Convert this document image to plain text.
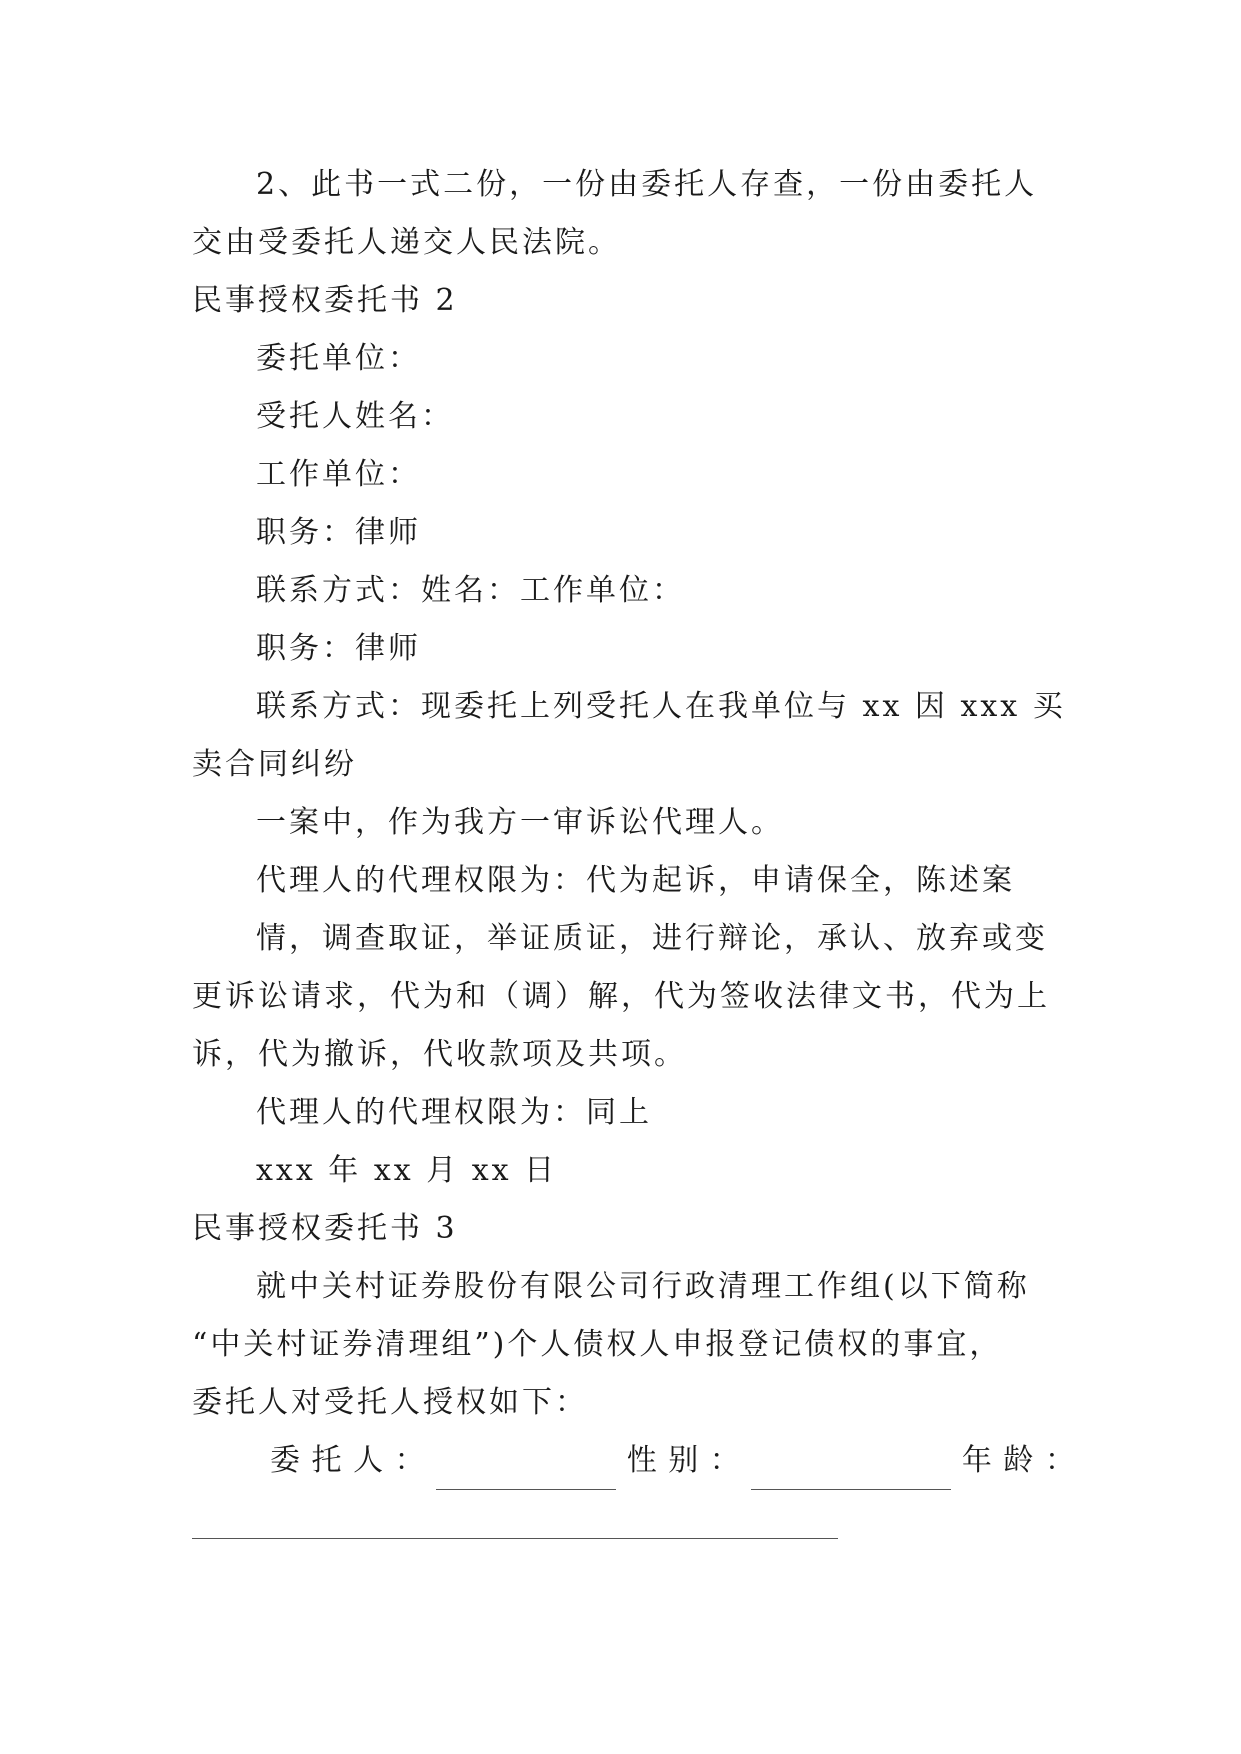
2、此书一式二份，一份由委托人存查，一份由委托人
交由受委托人递交人民法院。
民事授权委托书 2
委托单位：
受托人姓名：
工作单位：
职务：律师
联系方式：姓名：工作单位：
职务：律师
联系方式：现委托上列受托人在我单位与 xx 因 xxx 买
卖合同纠纷
一案中，作为我方一审诉讼代理人。
代理人的代理权限为：代为起诉，申请保全，陈述案
情，调查取证，举证质证，进行辩论，承认、放弃或变
更诉讼请求，代为和（调）解，代为签收法律文书，代为上
诉，代为撤诉，代收款项及共项。
代理人的代理权限为：同上
xxx 年 xx 月 xx 日
民事授权委托书 3
就中关村证券股份有限公司行政清理工作组(以下简称
“中关村证券清理组”)个人债权人申报登记债权的事宜，
委托人对受托人授权如下：
委 托 人 ：	性 别 ：	年 龄 ：
